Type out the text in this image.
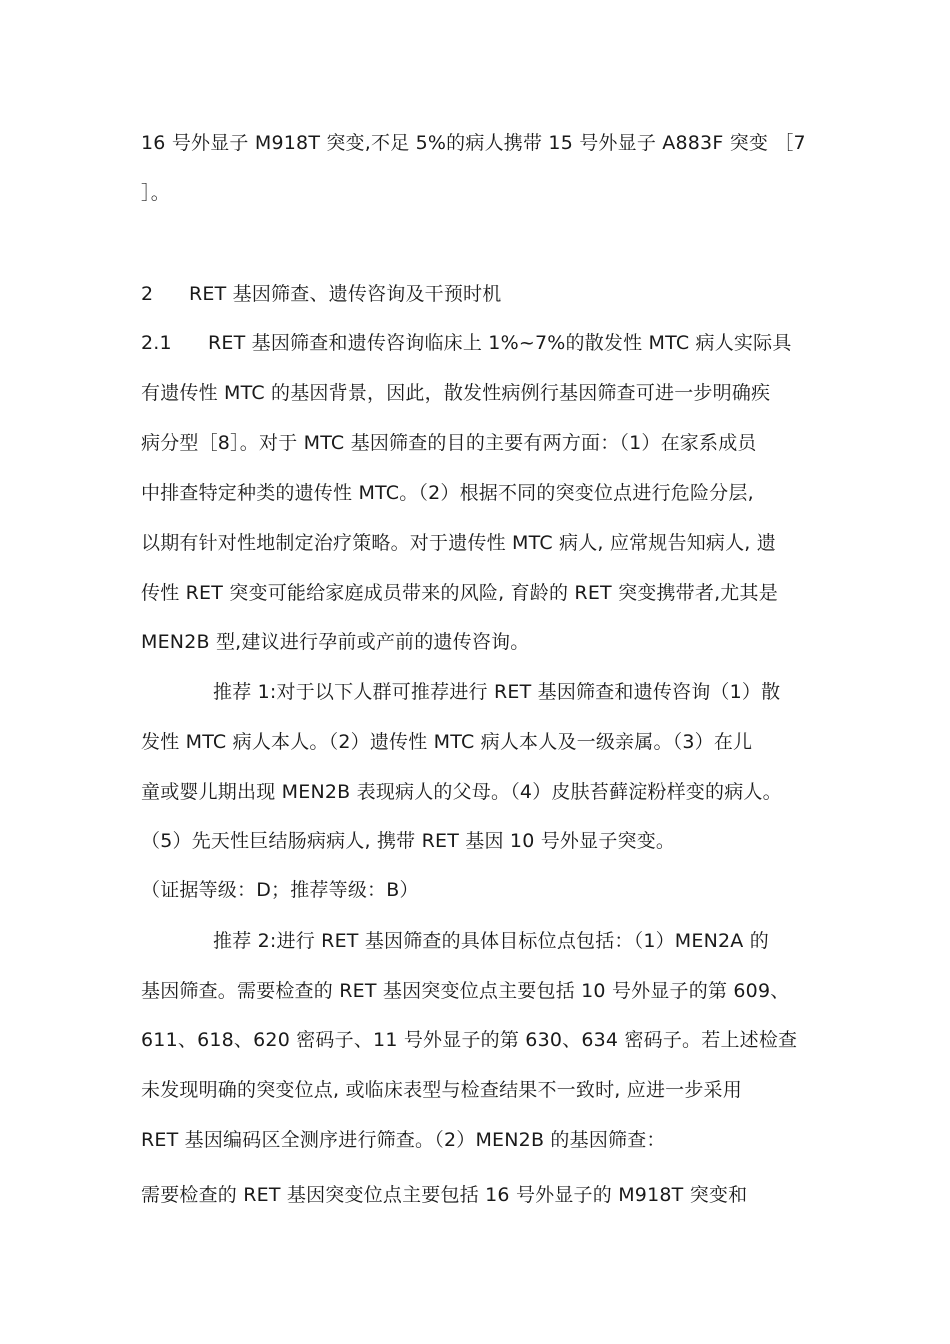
16 号外显子 M918T 突变,不足 5%的病人携带 15 号外显子 A883F 突变 ［7
］。
2 RET 基因筛查、遗传咨询及干预时机
2.1 RET 基因筛查和遗传咨询临床上 1%~7%的散发性 MTC 病人实际具
有遗传性 MTC 的基因背景，因此，散发性病例行基因筛查可进一步明确疾
病分型［8］。对于 MTC 基因筛查的目的主要有两方面：（1）在家系成员
中排查特定种类的遗传性 MTC。（2）根据不同的突变位点进行危险分层,
以期有针对性地制定治疗策略。对于遗传性 MTC 病人, 应常规告知病人, 遗
传性 RET 突变可能给家庭成员带来的风险, 育龄的 RET 突变携带者,尤其是
MEN2B 型,建议进行孕前或产前的遗传咨询。
推荐 1:对于以下人群可推荐进行 RET 基因筛查和遗传咨询（1）散
发性 MTC 病人本人。（2）遗传性 MTC 病人本人及一级亲属。（3）在儿
童或婴儿期出现 MEN2B 表现病人的父母。（4）皮肤苔藓淀粉样变的病人。
（5）先天性巨结肠病病人, 携带 RET 基因 10 号外显子突变。
（证据等级：D；推荐等级：B）
推荐 2:进行 RET 基因筛查的具体目标位点包括：（1）MEN2A 的
基因筛查。需要检查的 RET 基因突变位点主要包括 10 号外显子的第 609、
611、618、620 密码子、11 号外显子的第 630、634 密码子。若上述检查
未发现明确的突变位点, 或临床表型与检查结果不一致时, 应进一步采用
RET 基因编码区全测序进行筛查。（2）MEN2B 的基因筛查：
需要检查的 RET 基因突变位点主要包括 16 号外显子的 M918T 突变和
